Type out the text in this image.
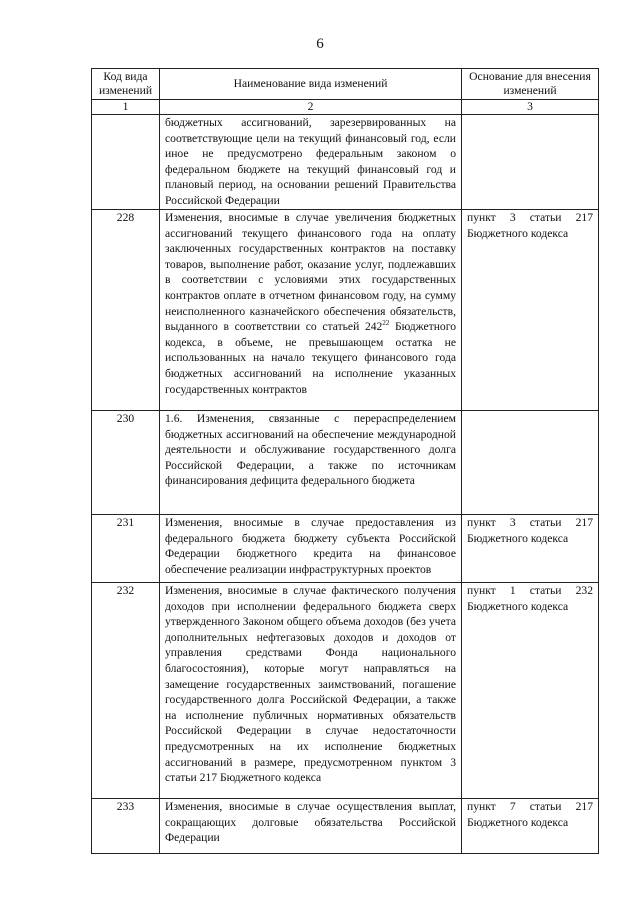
6
Код вида изменений	Наименование вида изменений	Основание для внесения изменений
1	2	3
	бюджетных ассигнований, зарезервированных на соответствующие цели на текущий финансовый год, если иное не предусмотрено федеральным законом о федеральном бюджете на текущий финансовый год и плановый период, на основании решений Правительства Российской Федерации	
228	Изменения, вносимые в случае увеличения бюджетных ассигнований текущего финансового года на оплату заключенных государственных контрактов на поставку товаров, выполнение работ, оказание услуг, подлежавших в соответствии с условиями этих государственных контрактов оплате в отчетном финансовом году, на сумму неисполненного казначейского обеспечения обязательств, выданного в соответствии со статьей $242^{22}$ Бюджетного кодекса, в объеме, не превышающем остатка не использованных на начало текущего финансового года бюджетных ассигнований на исполнение указанных государственных контрактов	пункт 3 статьи 217 Бюджетного кодекса
230	1.6. Изменения, связанные с перераспределением бюджетных ассигнований на обеспечение международной деятельности и обслуживание государственного долга Российской Федерации, а также по источникам финансирования дефицита федерального бюджета	
231	Изменения, вносимые в случае предоставления из федерального бюджета бюджету субъекта Российской Федерации бюджетного кредита на финансовое обеспечение реализации инфраструктурных проектов	пункт 3 статьи 217 Бюджетного кодекса
232	Изменения, вносимые в случае фактического получения доходов при исполнении федерального бюджета сверх утвержденного Законом общего объема доходов (без учета дополнительных нефтегазовых доходов и доходов от управления средствами Фонда национального благосостояния), которые могут направляться на замещение государственных заимствований, погашение государственного долга Российской Федерации, а также на исполнение публичных нормативных обязательств Российской Федерации в случае недостаточности предусмотренных на их исполнение бюджетных ассигнований в размере, предусмотренном пунктом 3 статьи 217 Бюджетного кодекса	пункт 1 статьи 232 Бюджетного кодекса
233	Изменения, вносимые в случае осуществления выплат, сокращающих долговые обязательства Российской Федерации	пункт 7 статьи 217 Бюджетного кодекса
